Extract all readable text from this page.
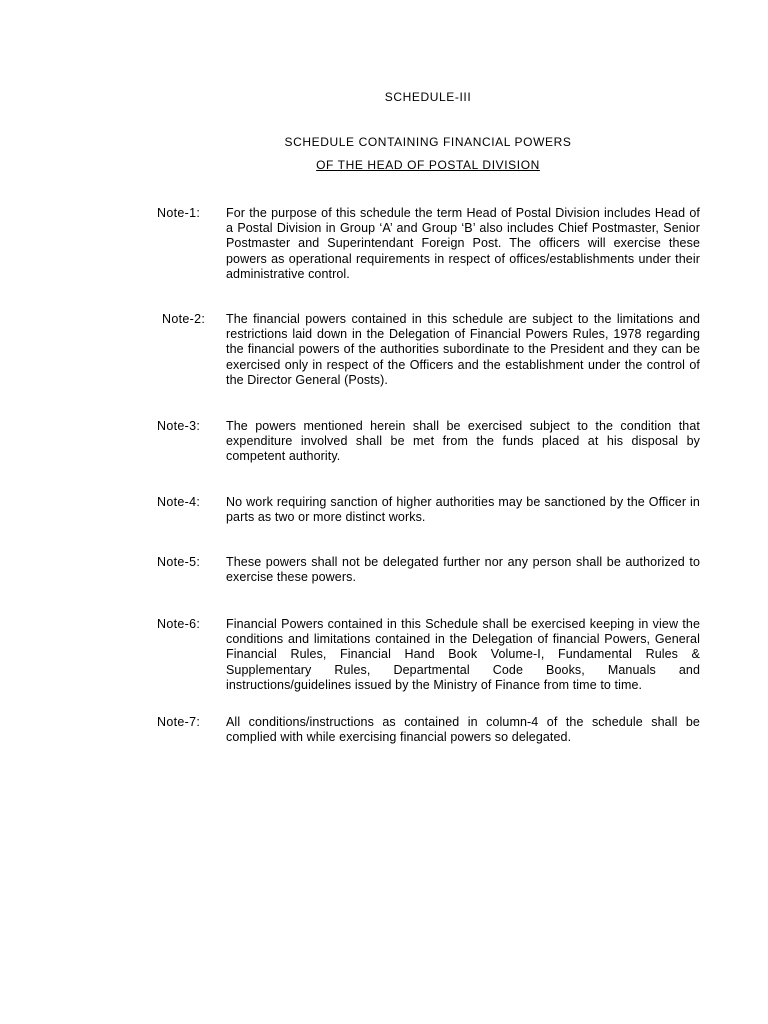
SCHEDULE-III
SCHEDULE CONTAINING FINANCIAL POWERS
OF THE HEAD OF POSTAL DIVISION
Note-1: For the purpose of this schedule the term Head of Postal Division includes Head of a Postal Division in Group ‘A’ and Group ‘B’ also includes Chief Postmaster, Senior Postmaster and Superintendant Foreign Post. The officers will exercise these powers as operational requirements in respect of offices/establishments under their administrative control.
Note-2: The financial powers contained in this schedule are subject to the limitations and restrictions laid down in the Delegation of Financial Powers Rules, 1978 regarding the financial powers of the authorities subordinate to the President and they can be exercised only in respect of the Officers and the establishment under the control of the Director General (Posts).
Note-3: The powers mentioned herein shall be exercised subject to the condition that expenditure involved shall be met from the funds placed at his disposal by competent authority.
Note-4: No work requiring sanction of higher authorities may be sanctioned by the Officer in parts as two or more distinct works.
Note-5: These powers shall not be delegated further nor any person shall be authorized to exercise these powers.
Note-6: Financial Powers contained in this Schedule shall be exercised keeping in view the conditions and limitations contained in the Delegation of financial Powers, General Financial Rules, Financial Hand Book Volume-I, Fundamental Rules & Supplementary Rules, Departmental Code Books, Manuals and instructions/guidelines issued by the Ministry of Finance from time to time.
Note-7: All conditions/instructions as contained in column-4 of the schedule shall be complied with while exercising financial powers so delegated.
